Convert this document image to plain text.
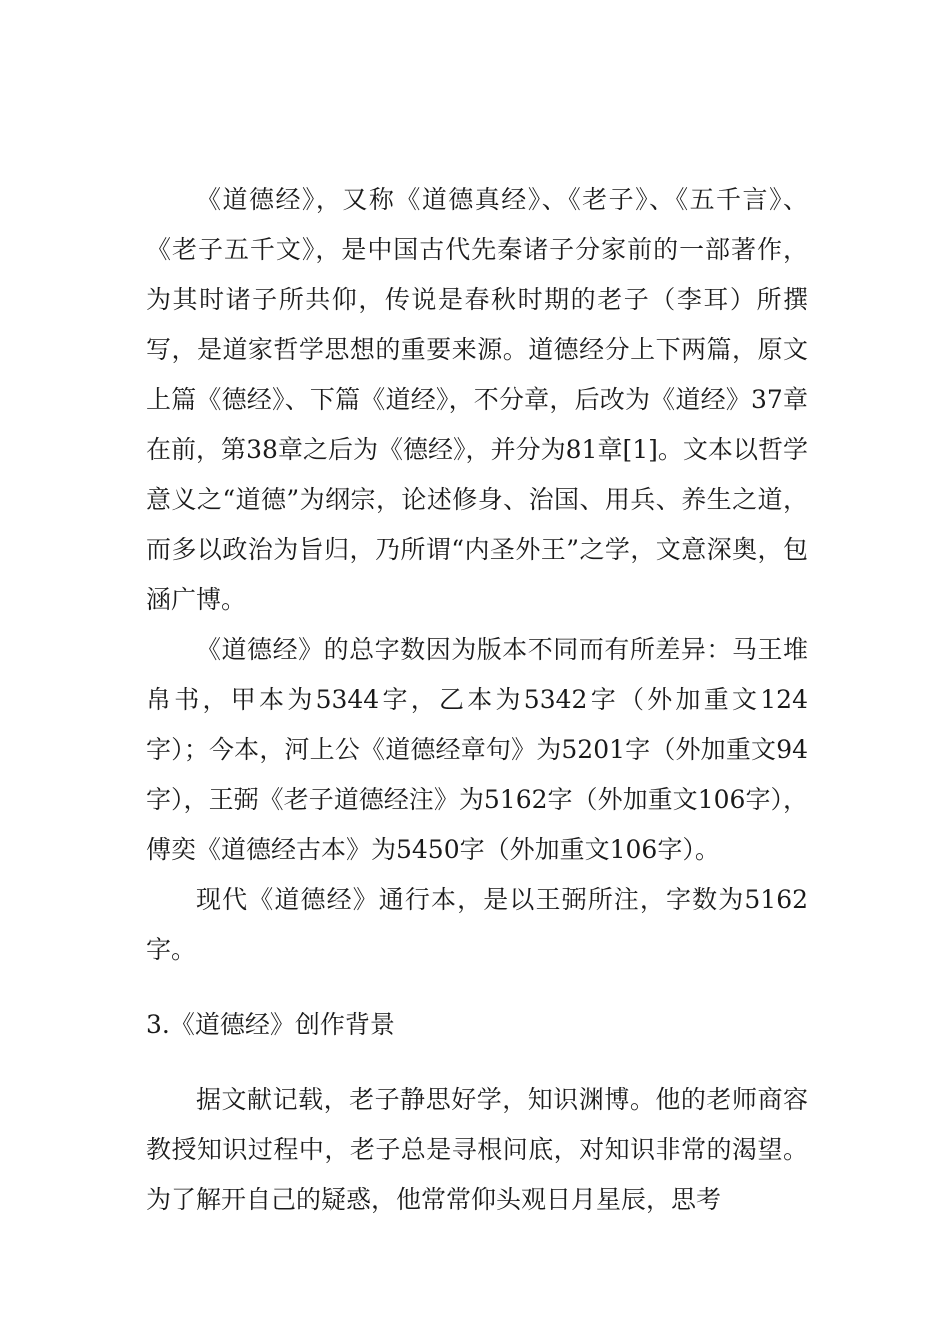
《道德经》，又称《道德真经》、《老子》、《五千言》、《老子五千文》，是中国古代先秦诸子分家前的一部著作，为其时诸子所共仰，传说是春秋时期的老子（李耳）所撰写，是道家哲学思想的重要来源。道德经分上下两篇，原文上篇《德经》、下篇《道经》，不分章，后改为《道经》37章在前，第38章之后为《德经》，并分为81章[1]。文本以哲学意义之“道德”为纲宗，论述修身、治国、用兵、养生之道，而多以政治为旨归，乃所谓“内圣外王”之学，文意深奥，包涵广博。

《道德经》的总字数因为版本不同而有所差异：马王堆帛书，甲本为5344字，乙本为5342字（外加重文124字）；今本，河上公《道德经章句》为5201字（外加重文94字），王弼《老子道德经注》为5162字（外加重文106字），傅奕《道德经古本》为5450字（外加重文106字）。

现代《道德经》通行本，是以王弼所注，字数为5162字。

3.《道德经》创作背景

据文献记载，老子静思好学，知识渊博。他的老师商容教授知识过程中，老子总是寻根问底，对知识非常的渴望。为了解开自己的疑惑，他常常仰头观日月星辰，思考
